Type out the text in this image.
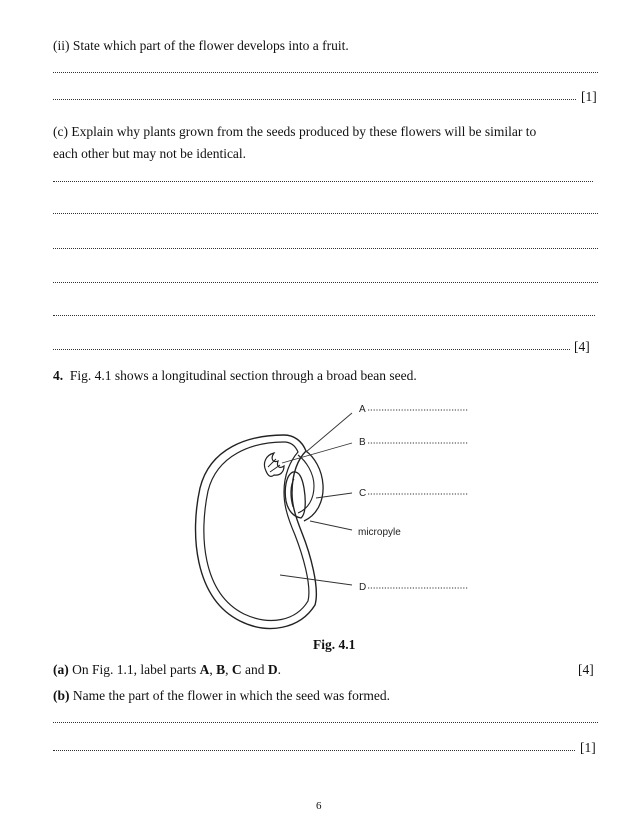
(ii) State which part of the flower develops into a fruit.
[1]
(c) Explain why plants grown from the seeds produced by these flowers will be similar to
each other but may not be identical.
[4]
4. Fig. 4.1 shows a longitudinal section through a broad bean seed.
A
B
C
micropyle
D
Fig. 4.1
(a) On Fig. 1.1, label parts A, B, C and D.	[4]
(b) Name the part of the flower in which the seed was formed.
[1]
6
